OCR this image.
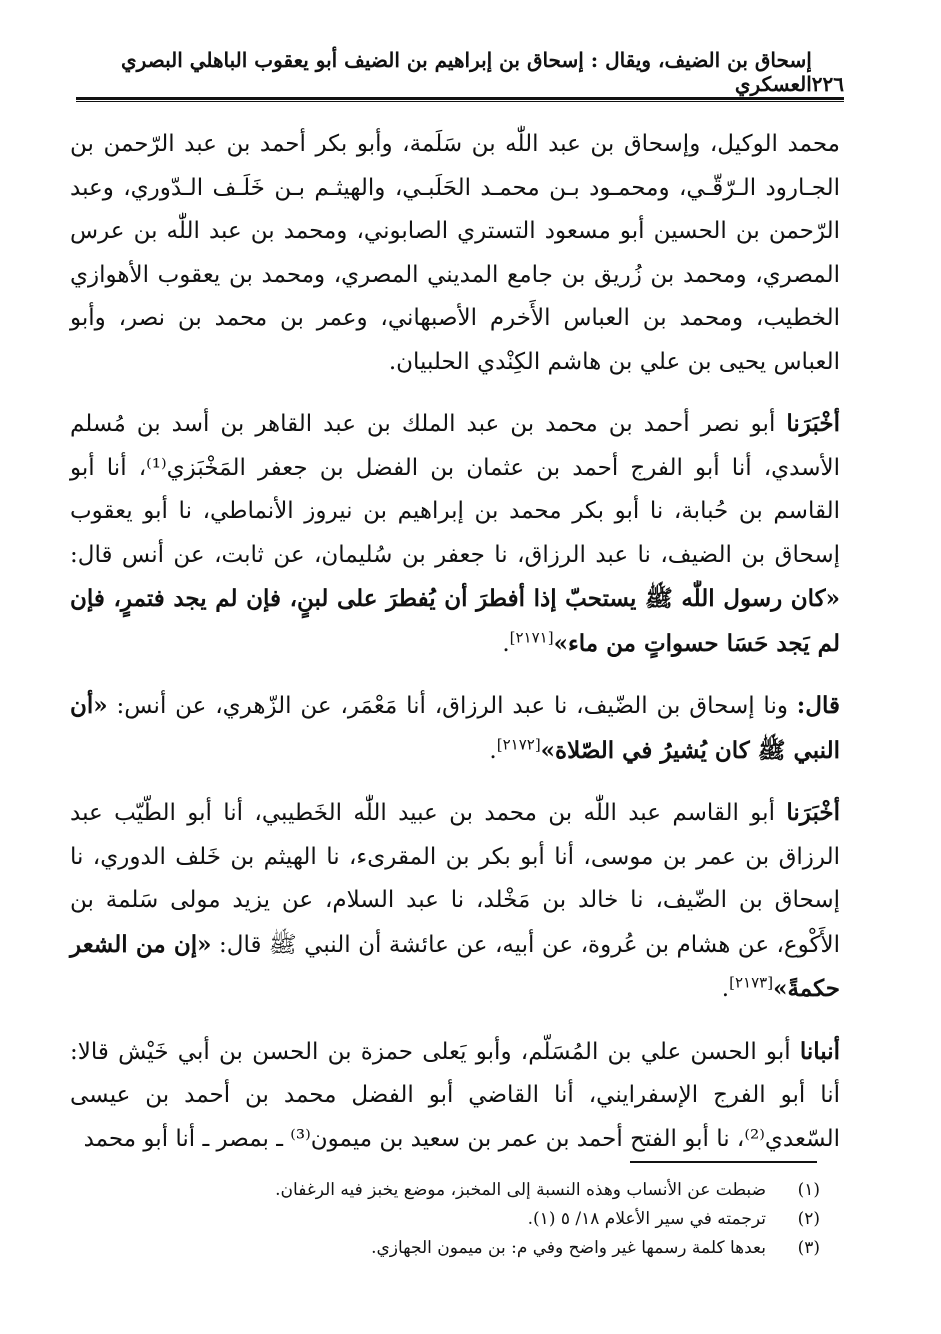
٢٢٦
إسحاق بن الضيف، ويقال : إسحاق بن إبراهيم بن الضيف أبو يعقوب الباهلي البصري العسكري

محمد الوكيل، وإسحاق بن عبد اللّٰه بن سَلَمة، وأبو بكر أحمد بن عبد الرّحمن بن الجـارود الـرّقّـي، ومحمـود بـن محمـد الحَلَبـي، والهيثـم بـن خَلَـف الـدّوري، وعبد الرّحمن بن الحسين أبو مسعود التستري الصابوني، ومحمد بن عبد اللّٰه بن عرس المصري، ومحمد بن زُريق بن جامع المديني المصري، ومحمد بن يعقوب الأهوازي الخطيب، ومحمد بن العباس الأَخرم الأصبهاني، وعمر بن محمد بن نصر، وأبو العباس يحيى بن علي بن هاشم الكِنْدي الحلبيان.

أخْبَرَنا أبو نصر أحمد بن محمد بن عبد الملك بن عبد القاهر بن أسد بن مُسلم الأسدي، أنا أبو الفرج أحمد بن عثمان بن الفضل بن جعفر المَخْبَزي⁽¹⁾، أنا أبو القاسم بن حُبابة، نا أبو بكر محمد بن إبراهيم بن نيروز الأنماطي، نا أبو يعقوب إسحاق بن الضيف، نا عبد الرزاق، نا جعفر بن سُليمان، عن ثابت، عن أنس قال: «كان رسول اللّٰه ﷺ يستحبّ إذا أفطرَ أن يُفطرَ على لبنٍ، فإن لم يجد فتمرٍ، فإن لم يَجد حَسَا حسواتٍ من ماء»[٢١٧١].

قال: ونا إسحاق بن الضّيف، نا عبد الرزاق، أنا مَعْمَر، عن الزّهري، عن أنس: «أن النبي ﷺ كان يُشيرُ في الصّلاة»[٢١٧٢].

أخْبَرَنا أبو القاسم عبد اللّٰه بن محمد بن عبيد اللّٰه الخَطيبي، أنا أبو الطّيّب عبد الرزاق بن عمر بن موسى، أنا أبو بكر بن المقرىء، نا الهيثم بن خَلف الدوري، نا إسحاق بن الضّيف، نا خالد بن مَخْلد، نا عبد السلام، عن يزيد مولى سَلمة بن الأَكْوع، عن هشام بن عُروة، عن أبيه، عن عائشة أن النبي ﷺ قال: «إن من الشعر حكمةً»[٢١٧٣].

أنبانا أبو الحسن علي بن المُسَلّم، وأبو يَعلى حمزة بن الحسن بن أبي خَيْش قالا: أنا أبو الفرج الإسفرايني، أنا القاضي أبو الفضل محمد بن أحمد بن عيسى السّعدي⁽²⁾، نا أبو الفتح أحمد بن عمر بن سعيد بن ميمون⁽³⁾ ـ بمصر ـ أنا أبو محمد

(١)
ضبطت عن الأنساب وهذه النسبة إلى المخبز، موضع يخبز فيه الرغفان.
(٢)
ترجمته في سير الأعلام ١٨/ ٥ (١).
(٣)
بعدها كلمة رسمها غير واضح وفي م: بن ميمون الجهازي.
